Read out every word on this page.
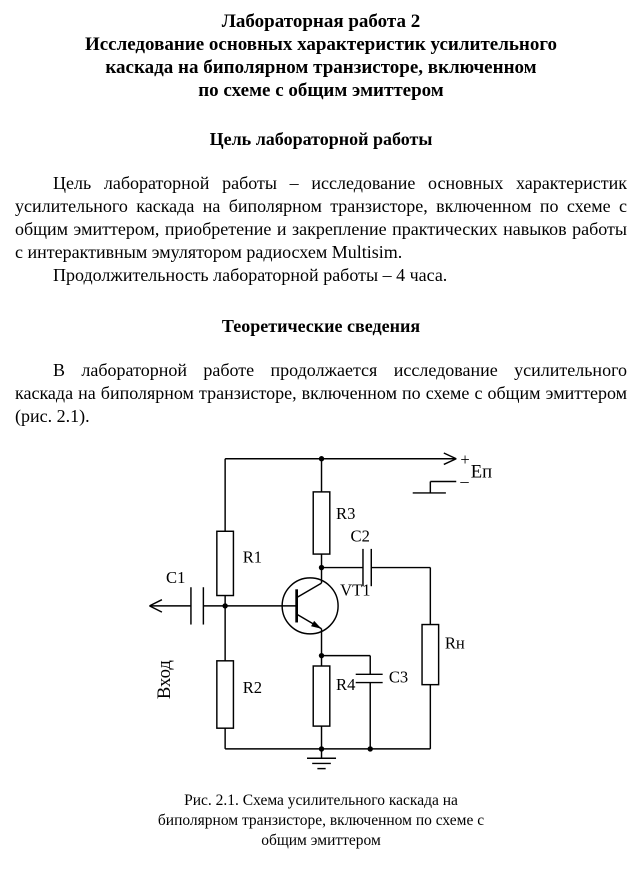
Лабораторная работа 2
Исследование основных характеристик усилительного
каскада на биполярном транзисторе, включенном
по схеме с общим эмиттером
Цель лабораторной работы

Цель лабораторной работы – исследование основных характеристик усилительного каскада на биполярном транзисторе, включенном по схеме с общим эмиттером, приобретение и закрепление практических навыков работы с интерактивным эмулятором радиосхем Multisim.

Продолжительность лабораторной работы – 4 часа.

Теоретические сведения

В лабораторной работе продолжается исследование усилительного каскада на биполярном транзисторе, включенном по схеме с общим эмиттером (рис. 2.1).

Вход
C1
R1
R2
R3
R4
Rн
C2
C3
VT1
+
– Еп
Рис. 2.1. Схема усилительного каскада на биполярном транзисторе, включенном по схеме с общим эмиттером
